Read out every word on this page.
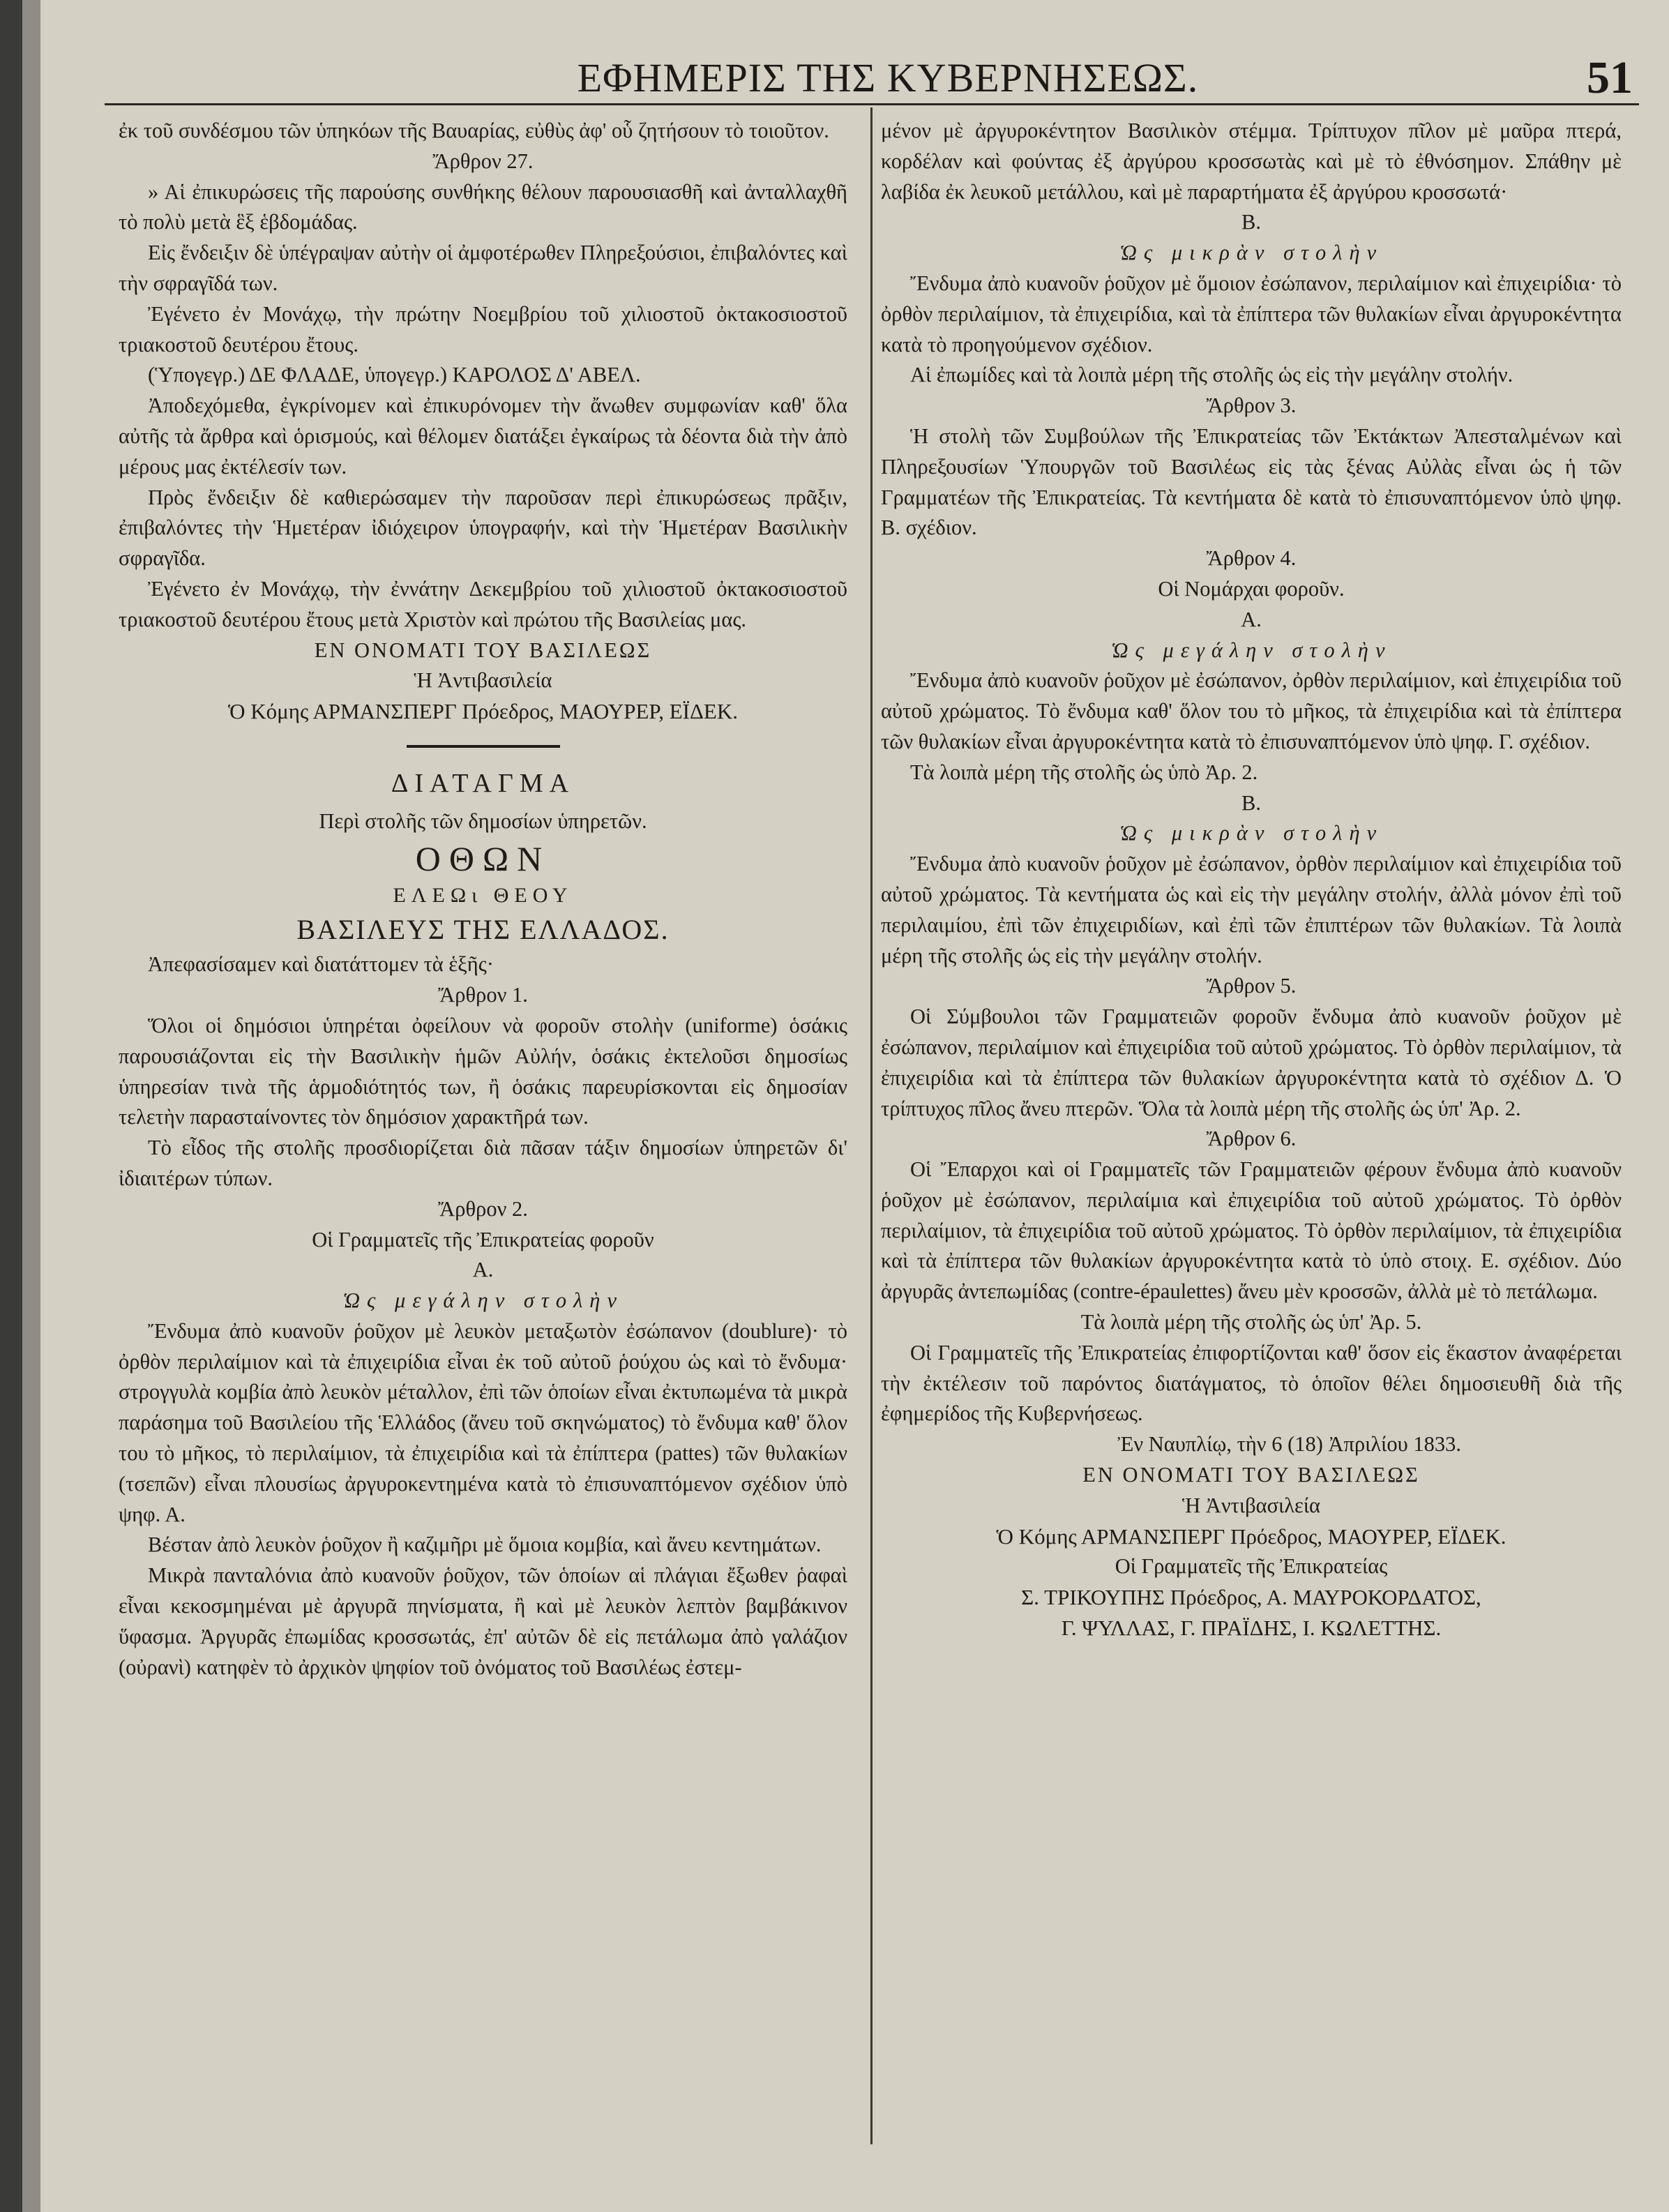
ΕΦΗΜΕΡΙΣ ΤΗΣ ΚΥΒΕΡΝΗΣΕΩΣ.	51

ἐκ τοῦ συνδέσμου τῶν ὑπηκόων τῆς Βαυαρίας, εὐθὺς ἀφ' οὗ ζητήσουν τὸ τοιοῦτον.

Ἄρθρον 27.

» Αἱ ἐπικυρώσεις τῆς παρούσης συνθήκης θέλουν παρουσιασθῆ καὶ ἀνταλλαχθῆ τὸ πολὺ μετὰ ἓξ ἑβδομάδας.

Εἰς ἔνδειξιν δὲ ὑπέγραψαν αὐτὴν οἱ ἀμφοτέρωθεν Πληρεξούσιοι, ἐπιβαλόντες καὶ τὴν σφραγῖδά των.

Ἐγένετο ἐν Μονάχῳ, τὴν πρώτην Νοεμβρίου τοῦ χιλιοστοῦ ὀκτακοσιοστοῦ τριακοστοῦ δευτέρου ἔτους.

(Ὑπογεγρ.) ΔΕ ΦΛΑΔΕ, ὑπογεγρ.) ΚΑΡΟΛΟΣ Δ' ΑΒΕΛ.

Ἀποδεχόμεθα, ἐγκρίνομεν καὶ ἐπικυρόνομεν τὴν ἄνωθεν συμφωνίαν καθ' ὅλα αὐτῆς τὰ ἄρθρα καὶ ὁρισμούς, καὶ θέλομεν διατάξει ἐγκαίρως τὰ δέοντα διὰ τὴν ἀπὸ μέρους μας ἐκτέλεσίν των.

Πρὸς ἔνδειξιν δὲ καθιερώσαμεν τὴν παροῦσαν περὶ ἐπικυρώσεως πρᾶξιν, ἐπιβαλόντες τὴν Ἡμετέραν ἰδιόχειρον ὑπογραφήν, καὶ τὴν Ἡμετέραν Βασιλικὴν σφραγῖδα.

Ἐγένετο ἐν Μονάχῳ, τὴν ἐννάτην Δεκεμβρίου τοῦ χιλιοστοῦ ὀκτακοσιοστοῦ τριακοστοῦ δευτέρου ἔτους μετὰ Χριστὸν καὶ πρώτου τῆς Βασιλείας μας.

ΕΝ ΟΝΟΜΑΤΙ ΤΟΥ ΒΑΣΙΛΕΩΣ

Ἡ Ἀντιβασιλεία

Ὁ Κόμης ΑΡΜΑΝΣΠΕΡΓ Πρόεδρος, ΜΑΟΥΡΕΡ, ΕΪΔΕΚ.

ΔΙΑΤΑΓΜΑ

Περὶ στολῆς τῶν δημοσίων ὑπηρετῶν.

ΟΘΩΝ

ΕΛΕΩι ΘΕΟΥ

ΒΑΣΙΛΕΥΣ ΤΗΣ ΕΛΛΑΔΟΣ.

Ἀπεφασίσαμεν καὶ διατάττομεν τὰ ἑξῆς·

Ἄρθρον 1.

Ὅλοι οἱ δημόσιοι ὑπηρέται ὀφείλουν νὰ φοροῦν στολὴν (uniforme) ὁσάκις παρουσιάζονται εἰς τὴν Βασιλικὴν ἡμῶν Αὐλήν, ὁσάκις ἐκτελοῦσι δημοσίως ὑπηρεσίαν τινὰ τῆς ἁρμοδιότητός των, ἢ ὁσάκις παρευρίσκονται εἰς δημοσίαν τελετὴν παρασταίνοντες τὸν δημόσιον χαρακτῆρά των.

Τὸ εἶδος τῆς στολῆς προσδιορίζεται διὰ πᾶσαν τάξιν δημοσίων ὑπηρετῶν δι' ἰδιαιτέρων τύπων.

Ἄρθρον 2.

Οἱ Γραμματεῖς τῆς Ἐπικρατείας φοροῦν

Α.

Ὡς μεγάλην στολὴν

Ἔνδυμα ἀπὸ κυανοῦν ῥοῦχον μὲ λευκὸν μεταξωτὸν ἐσώπανον (doublure)· τὸ ὀρθὸν περιλαίμιον καὶ τὰ ἐπιχειρίδια εἶναι ἐκ τοῦ αὐτοῦ ῥούχου ὡς καὶ τὸ ἔνδυμα· στρογγυλὰ κομβία ἀπὸ λευκὸν μέταλλον, ἐπὶ τῶν ὁποίων εἶναι ἐκτυπωμένα τὰ μικρὰ παράσημα τοῦ Βασιλείου τῆς Ἑλλάδος (ἄνευ τοῦ σκηνώματος) τὸ ἔνδυμα καθ' ὅλον του τὸ μῆκος, τὸ περιλαίμιον, τὰ ἐπιχειρίδια καὶ τὰ ἐπίπτερα (pattes) τῶν θυλακίων (τσεπῶν) εἶναι πλουσίως ἀργυροκεντημένα κατὰ τὸ ἐπισυναπτόμενον σχέδιον ὑπὸ ψηφ. Α.

Βέσταν ἀπὸ λευκὸν ῥοῦχον ἢ καζιμῆρι μὲ ὅμοια κομβία, καὶ ἄνευ κεντημάτων.

Μικρὰ πανταλόνια ἀπὸ κυανοῦν ῥοῦχον, τῶν ὁποίων αἱ πλάγιαι ἔξωθεν ῥαφαὶ εἶναι κεκοσμημέναι μὲ ἀργυρᾶ πηνίσματα, ἢ καὶ μὲ λευκὸν λεπτὸν βαμβάκινον ὕφασμα. Ἀργυρᾶς ἐπωμίδας κροσσωτάς, ἐπ' αὐτῶν δὲ εἰς πετάλωμα ἀπὸ γαλάζιον (οὐρανὶ) κατηφὲν τὸ ἀρχικὸν ψηφίον τοῦ ὀνόματος τοῦ Βασιλέως ἐστεμ-

μένον μὲ ἀργυροκέντητον Βασιλικὸν στέμμα. Τρίπτυχον πῖλον μὲ μαῦρα πτερά, κορδέλαν καὶ φούντας ἐξ ἀργύρου κροσσωτὰς καὶ μὲ τὸ ἐθνόσημον. Σπάθην μὲ λαβίδα ἐκ λευκοῦ μετάλλου, καὶ μὲ παραρτήματα ἐξ ἀργύρου κροσσωτά·

Β.

Ὡς μικρὰν στολὴν

Ἔνδυμα ἀπὸ κυανοῦν ῥοῦχον μὲ ὅμοιον ἐσώπανον, περιλαίμιον καὶ ἐπιχειρίδια· τὸ ὀρθὸν περιλαίμιον, τὰ ἐπιχειρίδια, καὶ τὰ ἐπίπτερα τῶν θυλακίων εἶναι ἀργυροκέντητα κατὰ τὸ προηγούμενον σχέδιον.

Αἱ ἐπωμίδες καὶ τὰ λοιπὰ μέρη τῆς στολῆς ὡς εἰς τὴν μεγάλην στολήν.

Ἄρθρον 3.

Ἡ στολὴ τῶν Συμβούλων τῆς Ἐπικρατείας τῶν Ἐκτάκτων Ἀπεσταλμένων καὶ Πληρεξουσίων Ὑπουργῶν τοῦ Βασιλέως εἰς τὰς ξένας Αὐλὰς εἶναι ὡς ἡ τῶν Γραμματέων τῆς Ἐπικρατείας. Τὰ κεντήματα δὲ κατὰ τὸ ἐπισυναπτόμενον ὑπὸ ψηφ. Β. σχέδιον.

Ἄρθρον 4.

Οἱ Νομάρχαι φοροῦν.

Α.

Ὡς μεγάλην στολὴν

Ἔνδυμα ἀπὸ κυανοῦν ῥοῦχον μὲ ἐσώπανον, ὀρθὸν περιλαίμιον, καὶ ἐπιχειρίδια τοῦ αὐτοῦ χρώματος. Τὸ ἔνδυμα καθ' ὅλον του τὸ μῆκος, τὰ ἐπιχειρίδια καὶ τὰ ἐπίπτερα τῶν θυλακίων εἶναι ἀργυροκέντητα κατὰ τὸ ἐπισυναπτόμενον ὑπὸ ψηφ. Γ. σχέδιον.

Τὰ λοιπὰ μέρη τῆς στολῆς ὡς ὑπὸ Ἀρ. 2.

Β.

Ὡς μικρὰν στολὴν

Ἔνδυμα ἀπὸ κυανοῦν ῥοῦχον μὲ ἐσώπανον, ὀρθὸν περιλαίμιον καὶ ἐπιχειρίδια τοῦ αὐτοῦ χρώματος. Τὰ κεντήματα ὡς καὶ εἰς τὴν μεγάλην στολήν, ἀλλὰ μόνον ἐπὶ τοῦ περιλαιμίου, ἐπὶ τῶν ἐπιχειριδίων, καὶ ἐπὶ τῶν ἐπιπτέρων τῶν θυλακίων. Τὰ λοιπὰ μέρη τῆς στολῆς ὡς εἰς τὴν μεγάλην στολήν.

Ἄρθρον 5.

Οἱ Σύμβουλοι τῶν Γραμματειῶν φοροῦν ἔνδυμα ἀπὸ κυανοῦν ῥοῦχον μὲ ἐσώπανον, περιλαίμιον καὶ ἐπιχειρίδια τοῦ αὐτοῦ χρώματος. Τὸ ὀρθὸν περιλαίμιον, τὰ ἐπιχειρίδια καὶ τὰ ἐπίπτερα τῶν θυλακίων ἀργυροκέντητα κατὰ τὸ σχέδιον Δ. Ὁ τρίπτυχος πῖλος ἄνευ πτερῶν. Ὅλα τὰ λοιπὰ μέρη τῆς στολῆς ὡς ὑπ' Ἀρ. 2.

Ἄρθρον 6.

Οἱ Ἔπαρχοι καὶ οἱ Γραμματεῖς τῶν Γραμματειῶν φέρουν ἔνδυμα ἀπὸ κυανοῦν ῥοῦχον μὲ ἐσώπανον, περιλαίμια καὶ ἐπιχειρίδια τοῦ αὐτοῦ χρώματος. Τὸ ὀρθὸν περιλαίμιον, τὰ ἐπιχειρίδια τοῦ αὐτοῦ χρώματος. Τὸ ὀρθὸν περιλαίμιον, τὰ ἐπιχειρίδια καὶ τὰ ἐπίπτερα τῶν θυλακίων ἀργυροκέντητα κατὰ τὸ ὑπὸ στοιχ. Ε. σχέδιον. Δύο ἀργυρᾶς ἀντεπωμίδας (contre-épaulettes) ἄνευ μὲν κροσσῶν, ἀλλὰ μὲ τὸ πετάλωμα.

Τὰ λοιπὰ μέρη τῆς στολῆς ὡς ὑπ' Ἀρ. 5.

Οἱ Γραμματεῖς τῆς Ἐπικρατείας ἐπιφορτίζονται καθ' ὅσον εἰς ἕκαστον ἀναφέρεται τὴν ἐκτέλεσιν τοῦ παρόντος διατάγματος, τὸ ὁποῖον θέλει δημοσιευθῆ διὰ τῆς ἐφημερίδος τῆς Κυβερνήσεως.

Ἐν Ναυπλίῳ, τὴν 6 (18) Ἀπριλίου 1833.

ΕΝ ΟΝΟΜΑΤΙ ΤΟΥ ΒΑΣΙΛΕΩΣ

Ἡ Ἀντιβασιλεία

Ὁ Κόμης ΑΡΜΑΝΣΠΕΡΓ Πρόεδρος, ΜΑΟΥΡΕΡ, ΕΪΔΕΚ.

Οἱ Γραμματεῖς τῆς Ἐπικρατείας

Σ. ΤΡΙΚΟΥΠΗΣ Πρόεδρος, Α. ΜΑΥΡΟΚΟΡΔΑΤΟΣ,

Γ. ΨΥΛΛΑΣ, Γ. ΠΡΑΪΔΗΣ, Ι. ΚΩΛΕΤΤΗΣ.
